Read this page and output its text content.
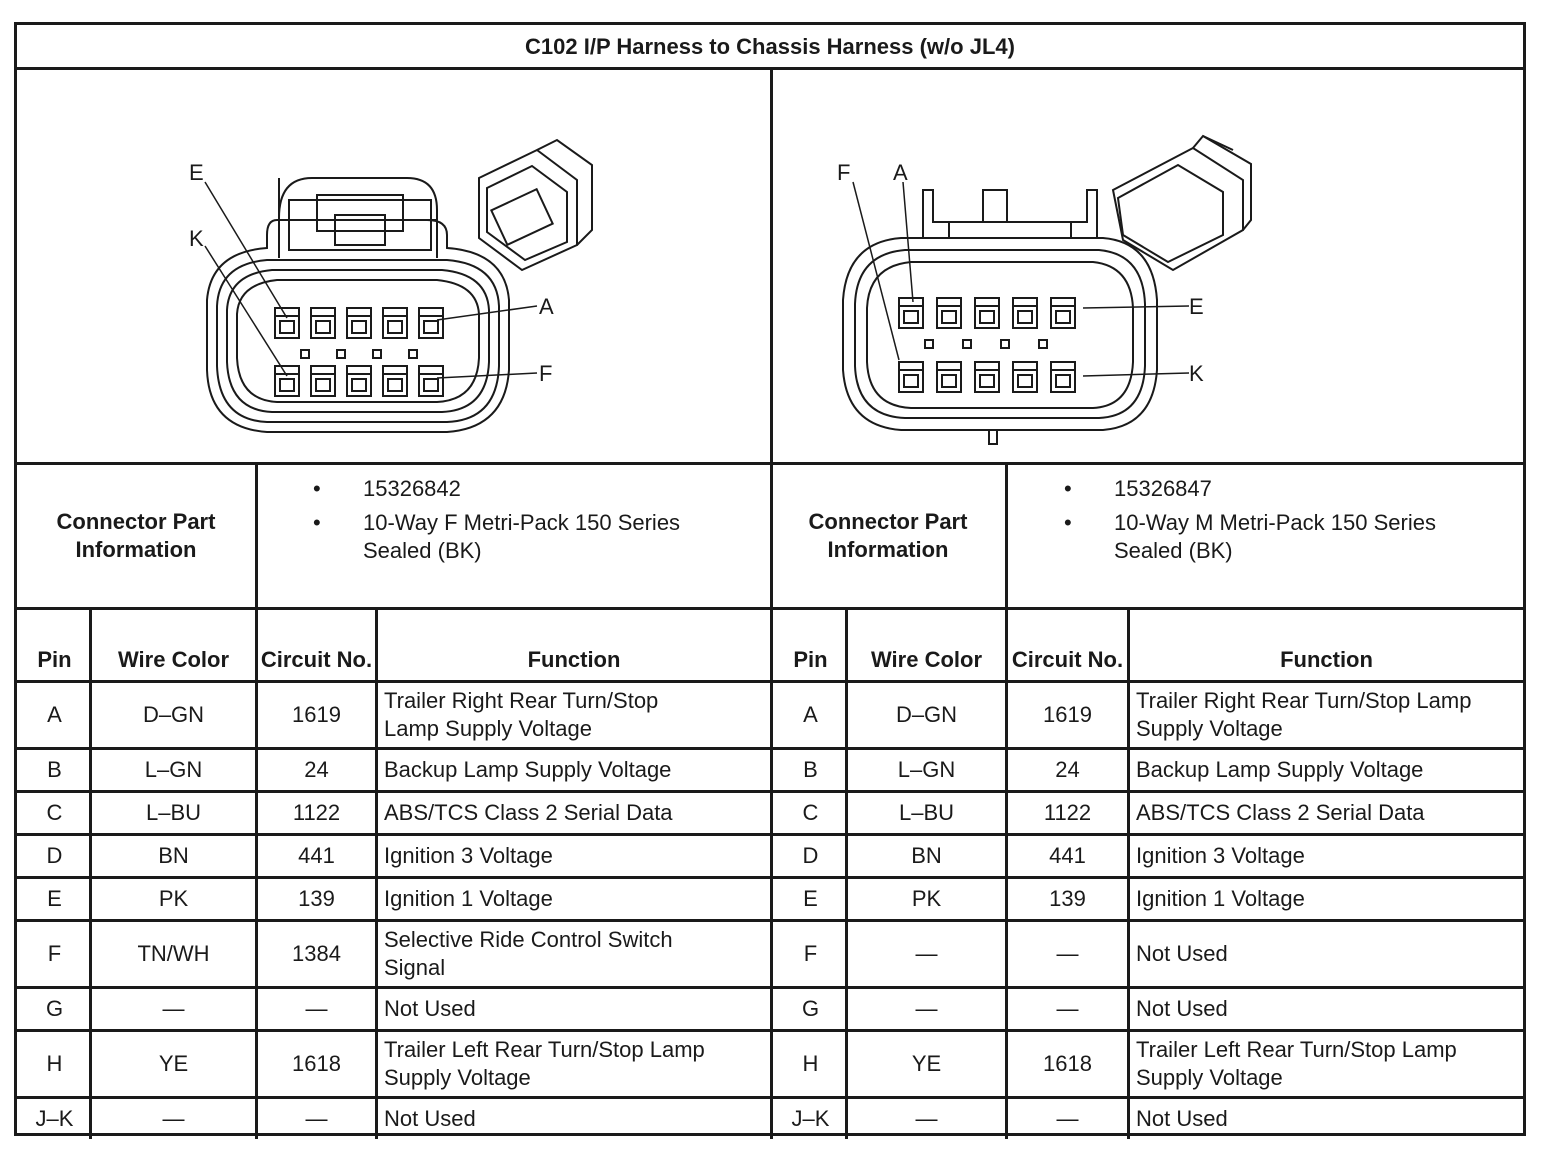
C102 I/P Harness to Chassis Harness (w/o JL4)
E
K
A
F
F A
E
K
Connector Part Information
• 15326842
• 10-Way F Metri-Pack 150 Series
Sealed (BK)
Connector Part Information
• 15326847
• 10-Way M Metri-Pack 150 Series
Sealed (BK)
Pin	Wire Color	Circuit No.	Function
A	D–GN	1619
Trailer Right Rear Turn/Stop
Lamp Supply Voltage
B	L–GN	24	Backup Lamp Supply Voltage
C	L–BU	1122	ABS/TCS Class 2 Serial Data
D	BN	441	Ignition 3 Voltage
E	PK	139	Ignition 1 Voltage
F	TN/WH	1384
Selective Ride Control Switch
Signal
G	—	—	Not Used
H	YE	1618
Trailer Left Rear Turn/Stop Lamp
Supply Voltage
J–K	—	—	Not Used
Pin	Wire Color	Circuit No.	Function
A	D–GN	1619
Trailer Right Rear Turn/Stop Lamp
Supply Voltage
B	L–GN	24	Backup Lamp Supply Voltage
C	L–BU	1122	ABS/TCS Class 2 Serial Data
D	BN	441	Ignition 3 Voltage
E	PK	139	Ignition 1 Voltage
F	—	—	Not Used
G	—	—	Not Used
H	YE	1618
Trailer Left Rear Turn/Stop Lamp
Supply Voltage
J–K	—	—	Not Used
